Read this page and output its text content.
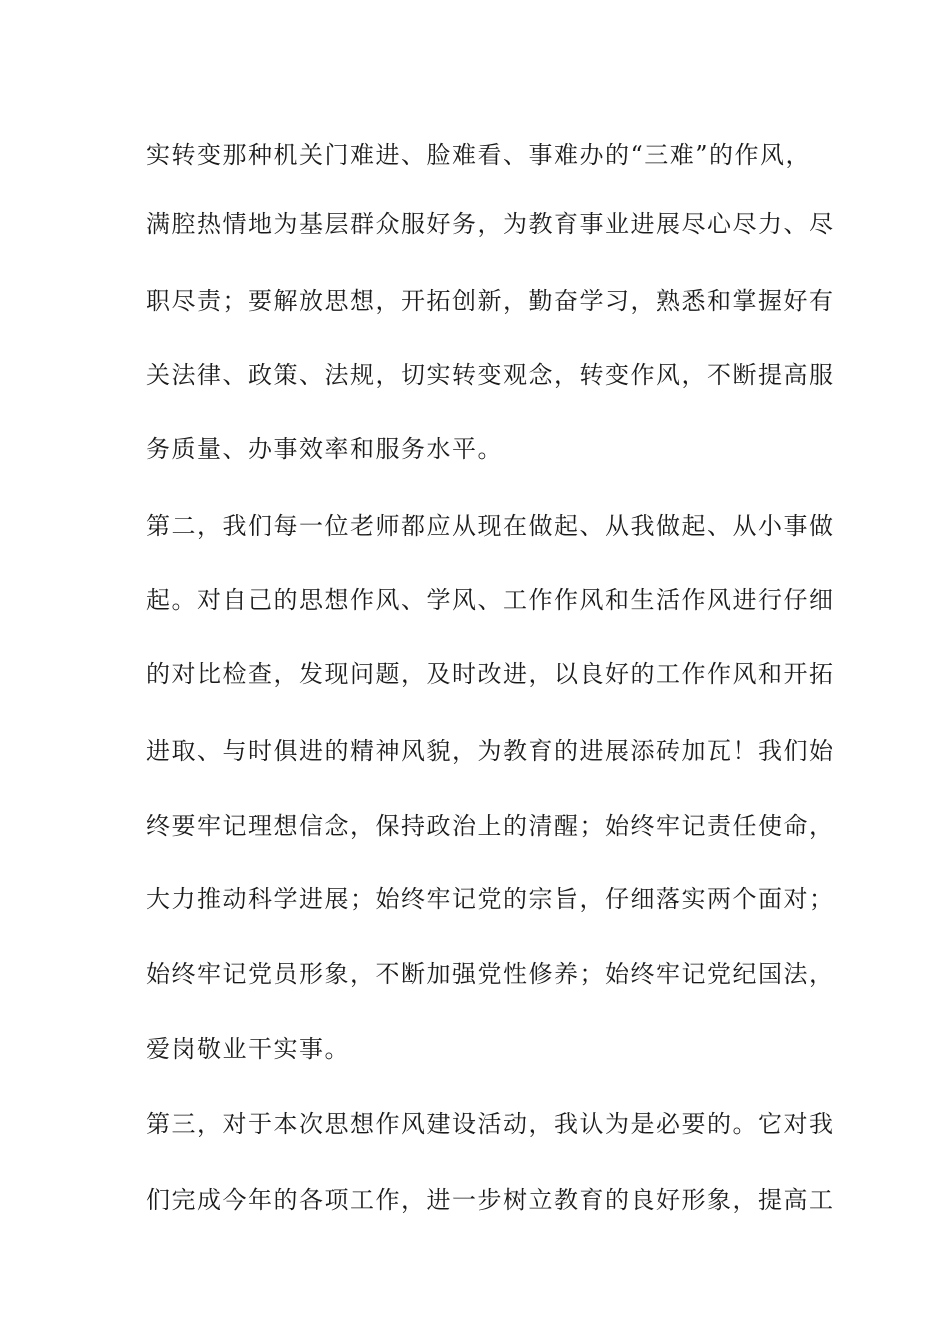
实转变那种机关门难进、脸难看、事难办的“三难”的作风，
满腔热情地为基层群众服好务，为教育事业进展尽心尽力、尽
职尽责；要解放思想，开拓创新，勤奋学习，熟悉和掌握好有
关法律、政策、法规，切实转变观念，转变作风，不断提高服
务质量、办事效率和服务水平。
第二，我们每一位老师都应从现在做起、从我做起、从小事做
起。对自己的思想作风、学风、工作作风和生活作风进行仔细
的对比检查，发现问题，及时改进，以良好的工作作风和开拓
进取、与时俱进的精神风貌，为教育的进展添砖加瓦！我们始
终要牢记理想信念，保持政治上的清醒；始终牢记责任使命，
大力推动科学进展；始终牢记党的宗旨，仔细落实两个面对；
始终牢记党员形象，不断加强党性修养；始终牢记党纪国法，
爱岗敬业干实事。
第三，对于本次思想作风建设活动，我认为是必要的。它对我
们完成今年的各项工作，进一步树立教育的良好形象，提高工
